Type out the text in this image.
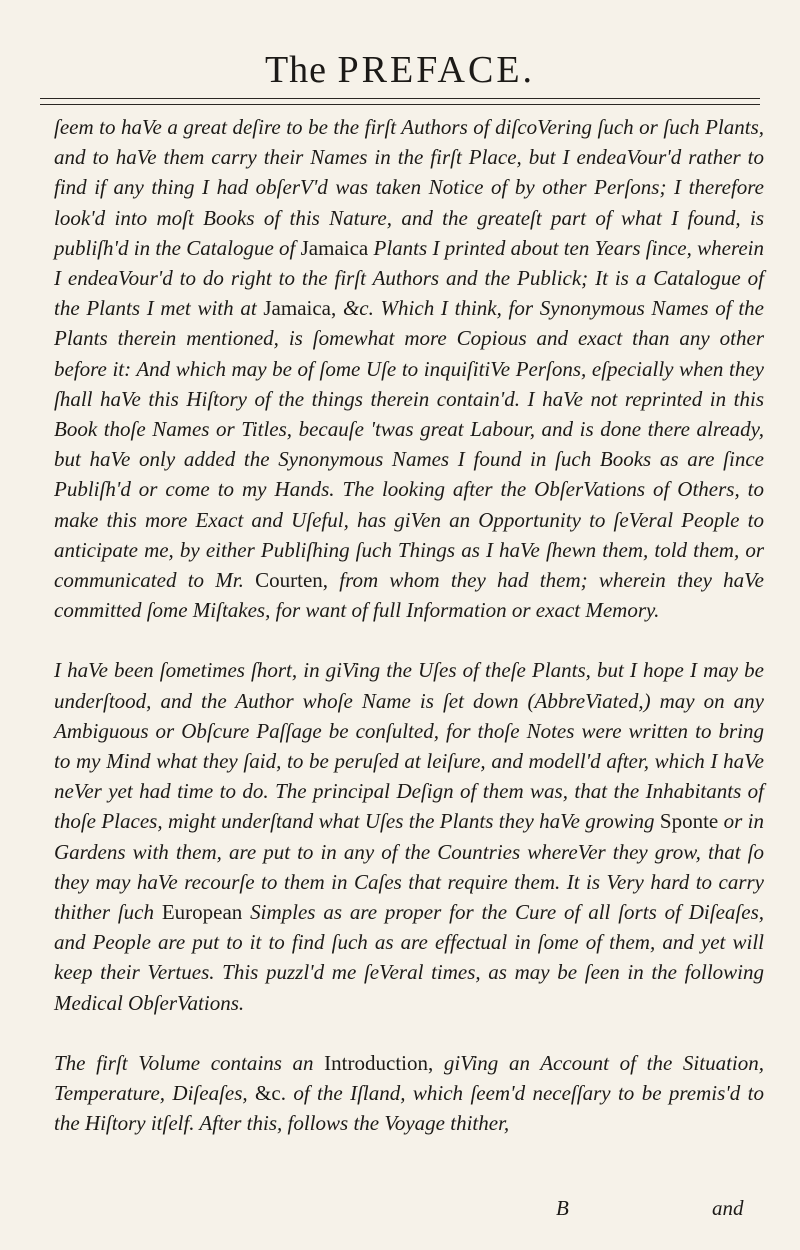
The PREFACE.

ſeem to haVe a great deſire to be the firſt Authors of diſcoVering ſuch or ſuch Plants, and to haVe them carry their Names in the firſt Place, but I endeaVour'd rather to find if any thing I had obſerV'd was taken Notice of by other Perſons; I therefore look'd into moſt Books of this Nature, and the greateſt part of what I found, is publiſh'd in the Catalogue of Jamaica Plants I printed about ten Years ſince, wherein I endeaVour'd to do right to the firſt Authors and the Publick; It is a Catalogue of the Plants I met with at Jamaica, &c. Which I think, for Synonymous Names of the Plants therein mentioned, is ſomewhat more Copious and exact than any other before it: And which may be of ſome Uſe to inquiſitiVe Perſons, eſpecially when they ſhall haVe this Hiſtory of the things therein contain'd. I haVe not reprinted in this Book thoſe Names or Titles, becauſe 'twas great Labour, and is done there already, but haVe only added the Synonymous Names I found in ſuch Books as are ſince Publiſh'd or come to my Hands. The looking after the ObſerVations of Others, to make this more Exact and Uſeful, has giVen an Opportunity to ſeVeral People to anticipate me, by either Publiſhing ſuch Things as I haVe ſhewn them, told them, or communicated to Mr. Courten, from whom they had them; wherein they haVe committed ſome Miſtakes, for want of full Information or exact Memory.

I haVe been ſometimes ſhort, in giVing the Uſes of theſe Plants, but I hope I may be underſtood, and the Author whoſe Name is ſet down (AbbreViated,) may on any Ambiguous or Obſcure Paſſage be conſulted, for thoſe Notes were written to bring to my Mind what they ſaid, to be peruſed at leiſure, and modell'd after, which I haVe neVer yet had time to do. The principal Deſign of them was, that the Inhabitants of thoſe Places, might underſtand what Uſes the Plants they haVe growing Sponte or in Gardens with them, are put to in any of the Countries whereVer they grow, that ſo they may haVe recourſe to them in Caſes that require them. It is Very hard to carry thither ſuch European Simples as are proper for the Cure of all ſorts of Diſeaſes, and People are put to it to find ſuch as are effectual in ſome of them, and yet will keep their Vertues. This puzzl'd me ſeVeral times, as may be ſeen in the following Medical ObſerVations.

The firſt Volume contains an Introduction, giVing an Account of the Situation, Temperature, Diſeaſes, &c. of the Iſland, which ſeem'd neceſſary to be premis'd to the Hiſtory itſelf. After this, follows the Voyage thither,

B	and
